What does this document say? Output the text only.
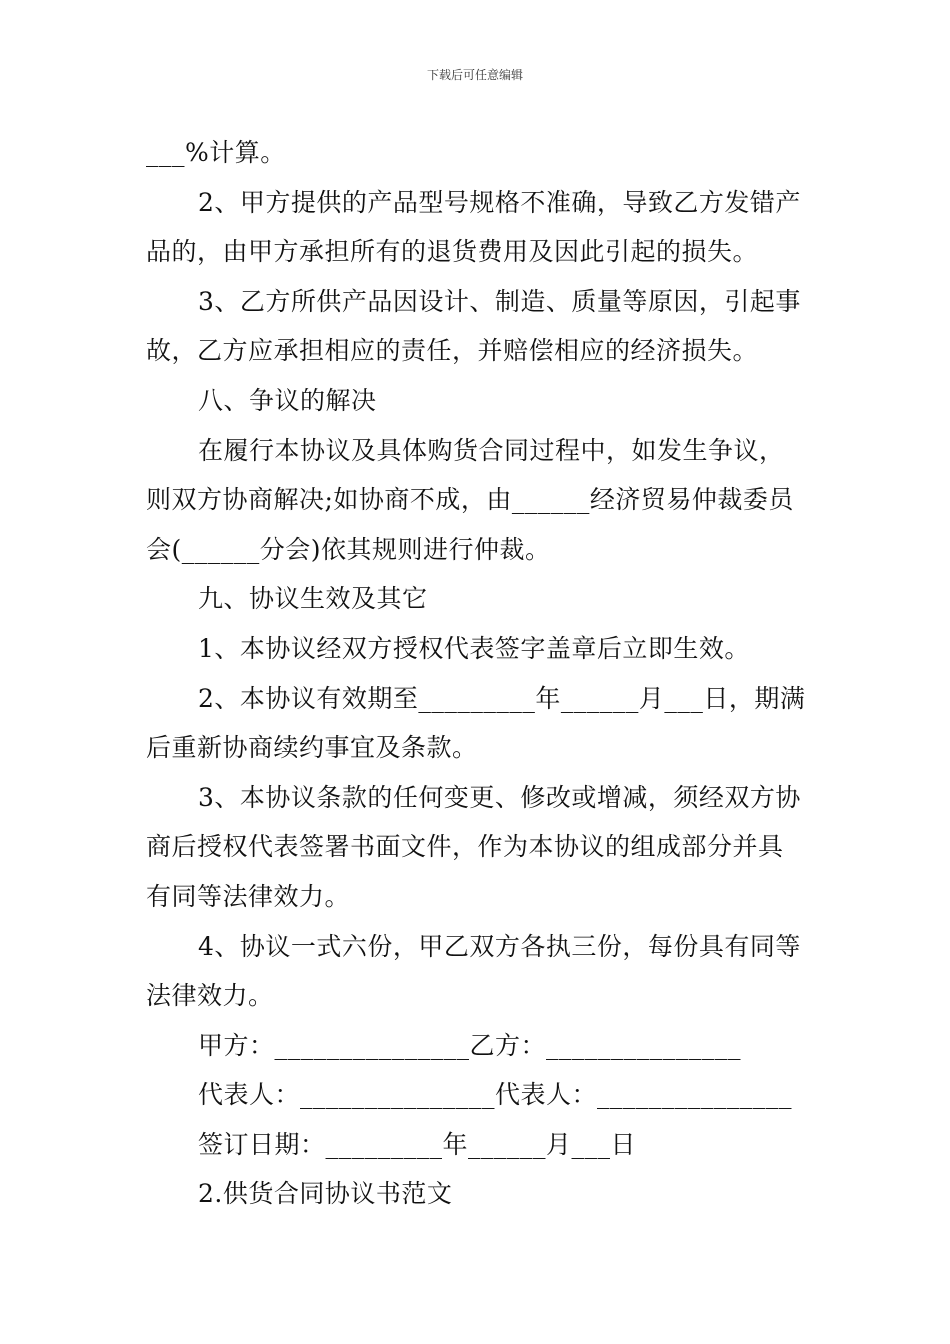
下载后可任意编辑

___%计算。

2、甲方提供的产品型号规格不准确，导致乙方发错产

品的，由甲方承担所有的退货费用及因此引起的损失。

3、乙方所供产品因设计、制造、质量等原因，引起事

故，乙方应承担相应的责任，并赔偿相应的经济损失。

八、争议的解决

在履行本协议及具体购货合同过程中，如发生争议，

则双方协商解决;如协商不成，由______经济贸易仲裁委员

会(______分会)依其规则进行仲裁。

九、协议生效及其它

1、本协议经双方授权代表签字盖章后立即生效。

2、本协议有效期至_________年______月___日，期满

后重新协商续约事宜及条款。

3、本协议条款的任何变更、修改或增减，须经双方协

商后授权代表签署书面文件，作为本协议的组成部分并具

有同等法律效力。

4、协议一式六份，甲乙双方各执三份，每份具有同等

法律效力。

甲方：_______________乙方：_______________

代表人：_______________代表人：_______________

签订日期：_________年______月___日

2.供货合同协议书范文
